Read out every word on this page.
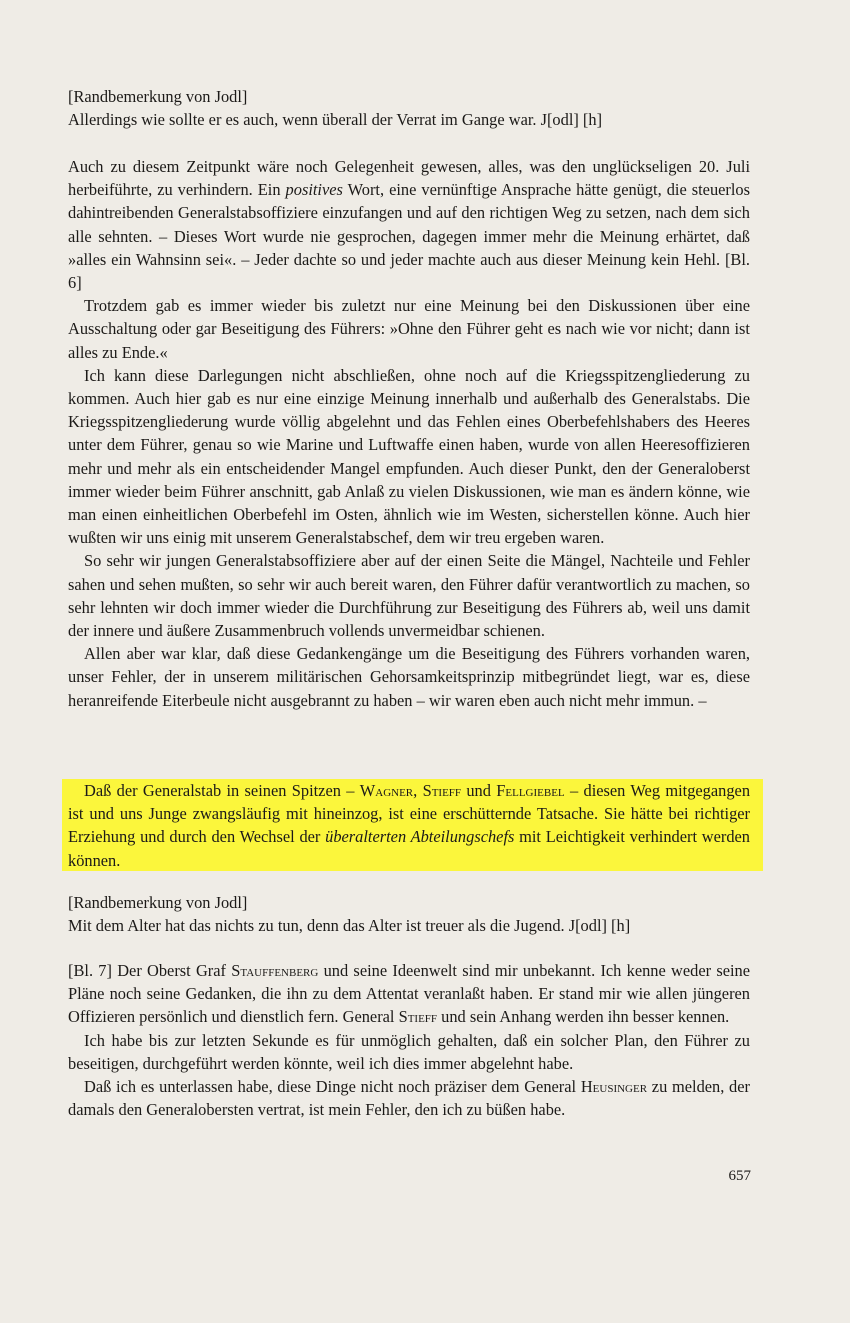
[Randbemerkung von Jodl]

Allerdings wie sollte er es auch, wenn überall der Verrat im Gange war. J[odl] [h]

Auch zu diesem Zeitpunkt wäre noch Gelegenheit gewesen, alles, was den unglückseligen 20. Juli herbeiführte, zu verhindern. Ein positives Wort, eine vernünftige Ansprache hätte genügt, die steuerlos dahintreibenden Generalstabsoffiziere einzufangen und auf den richtigen Weg zu setzen, nach dem sich alle sehnten. – Dieses Wort wurde nie gesprochen, dagegen immer mehr die Meinung erhärtet, daß »alles ein Wahnsinn sei«. – Jeder dachte so und jeder machte auch aus dieser Meinung kein Hehl. [Bl. 6]

Trotzdem gab es immer wieder bis zuletzt nur eine Meinung bei den Diskussionen über eine Ausschaltung oder gar Beseitigung des Führers: »Ohne den Führer geht es nach wie vor nicht; dann ist alles zu Ende.«

Ich kann diese Darlegungen nicht abschließen, ohne noch auf die Kriegsspitzengliederung zu kommen. Auch hier gab es nur eine einzige Meinung innerhalb und außerhalb des Generalstabs. Die Kriegsspitzengliederung wurde völlig abgelehnt und das Fehlen eines Oberbefehlshabers des Heeres unter dem Führer, genau so wie Marine und Luftwaffe einen haben, wurde von allen Heeresoffizieren mehr und mehr als ein entscheidender Mangel empfunden. Auch dieser Punkt, den der Generaloberst immer wieder beim Führer anschnitt, gab Anlaß zu vielen Diskussionen, wie man es ändern könne, wie man einen einheitlichen Oberbefehl im Osten, ähnlich wie im Westen, sicherstellen könne. Auch hier wußten wir uns einig mit unserem Generalstabschef, dem wir treu ergeben waren.

So sehr wir jungen Generalstabsoffiziere aber auf der einen Seite die Mängel, Nachteile und Fehler sahen und sehen mußten, so sehr wir auch bereit waren, den Führer dafür verantwortlich zu machen, so sehr lehnten wir doch immer wieder die Durchführung zur Beseitigung des Führers ab, weil uns damit der innere und äußere Zusammenbruch vollends unvermeidbar schienen.

Allen aber war klar, daß diese Gedankengänge um die Beseitigung des Führers vorhanden waren, unser Fehler, der in unserem militärischen Gehorsamkeitsprinzip mitbegründet liegt, war es, diese heranreifende Eiterbeule nicht ausgebrannt zu haben – wir waren eben auch nicht mehr immun. –

Daß der Generalstab in seinen Spitzen – Wagner, Stieff und Fellgiebel – diesen Weg mitgegangen ist und uns Junge zwangsläufig mit hineinzog, ist eine erschütternde Tatsache. Sie hätte bei richtiger Erziehung und durch den Wechsel der überalterten Abteilungschefs mit Leichtigkeit verhindert werden können.

[Randbemerkung von Jodl]

Mit dem Alter hat das nichts zu tun, denn das Alter ist treuer als die Jugend. J[odl] [h]

[Bl. 7] Der Oberst Graf Stauffenberg und seine Ideenwelt sind mir unbekannt. Ich kenne weder seine Pläne noch seine Gedanken, die ihn zu dem Attentat veranlaßt haben. Er stand mir wie allen jüngeren Offizieren persönlich und dienstlich fern. General Stieff und sein Anhang werden ihn besser kennen.

Ich habe bis zur letzten Sekunde es für unmöglich gehalten, daß ein solcher Plan, den Führer zu beseitigen, durchgeführt werden könnte, weil ich dies immer abgelehnt habe.

Daß ich es unterlassen habe, diese Dinge nicht noch präziser dem General Heusinger zu melden, der damals den Generalobersten vertrat, ist mein Fehler, den ich zu büßen habe.

657
